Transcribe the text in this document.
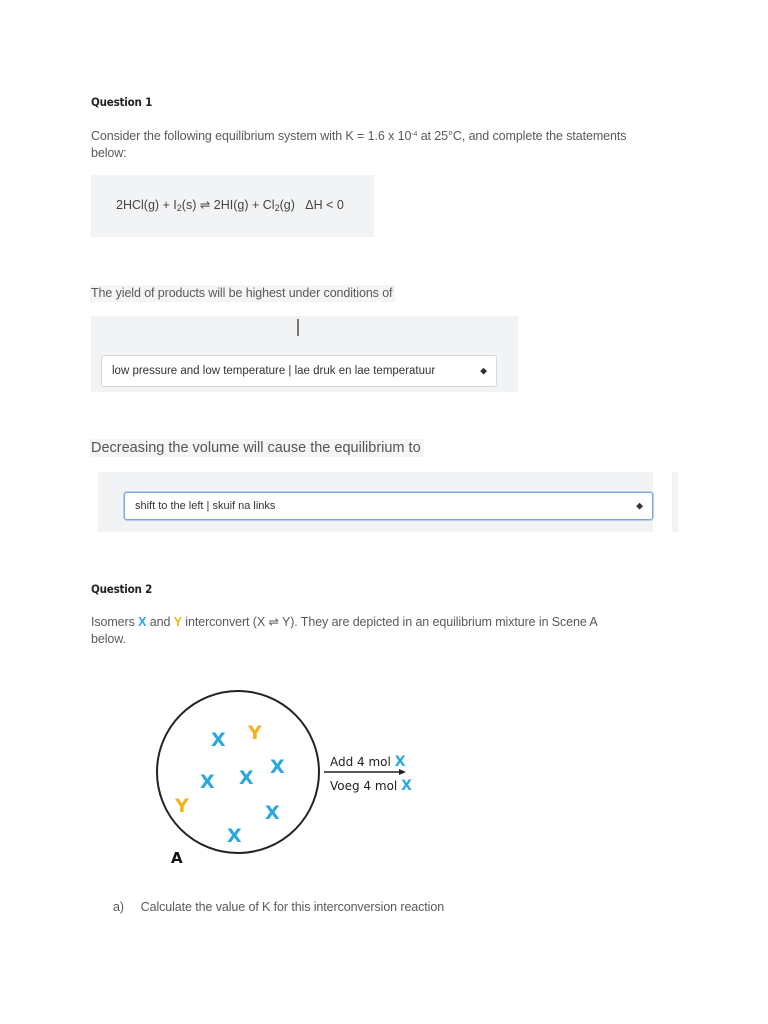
Question 1
Consider the following equilibrium system with K = 1.6 x $10^{-4}$ at 25°C, and complete the statements
below:
$2HCl(g) + I_2(s)$ ⇌ $2HI(g) + Cl_2(g) \Delta H < 0$
The yield of products will be highest under conditions of
low pressure and low temperature | lae druk en lae temperatuur	◆
Decreasing the volume will cause the equilibrium to
shift to the left | skuif na links	◆
Question 2
Isomers X and Y interconvert (X ⇌ Y). They are depicted in an equilibrium mixture in Scene A
below.
X Y
X
X X
Y	X
X
A
Add 4 mol X
Voeg 4 mol X
a) Calculate the value of K for this interconversion reaction
